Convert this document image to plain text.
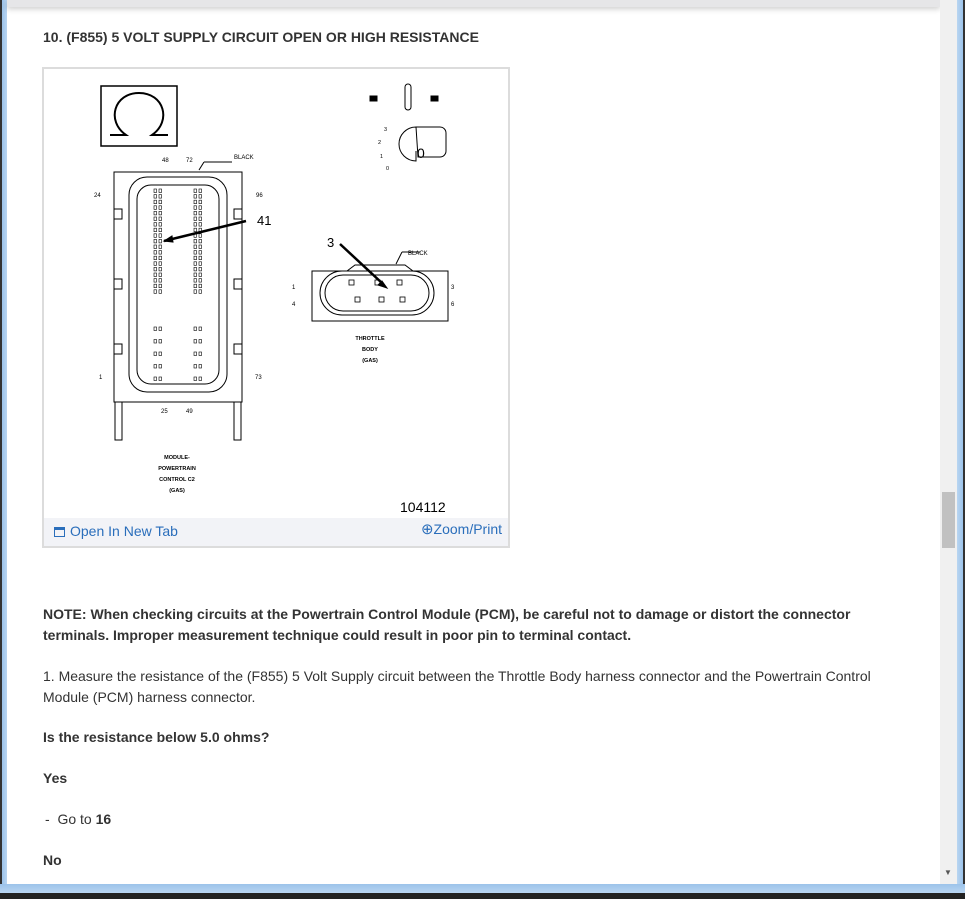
▼
10. (F855) 5 VOLT SUPPLY CIRCUIT OPEN OR HIGH RESISTANCE
48	72
24	96
1	73
25	49
BLACK
41
MODULE-
POWERTRAIN
CONTROL C2
(GAS)
0
3
2
1
0
3
BLACK
1
4
3
6
THROTTLE
BODY
(GAS)
104112
Open In New Tab	⊕Zoom/Print
NOTE: When checking circuits at the Powertrain Control Module (PCM), be careful not to damage or distort the connector terminals. Improper measurement technique could result in poor pin to terminal contact.
1. Measure the resistance of the (F855) 5 Volt Supply circuit between the Throttle Body harness connector and the Powertrain Control Module (PCM) harness connector.
Is the resistance below 5.0 ohms?
Yes
-  Go to 16
No
